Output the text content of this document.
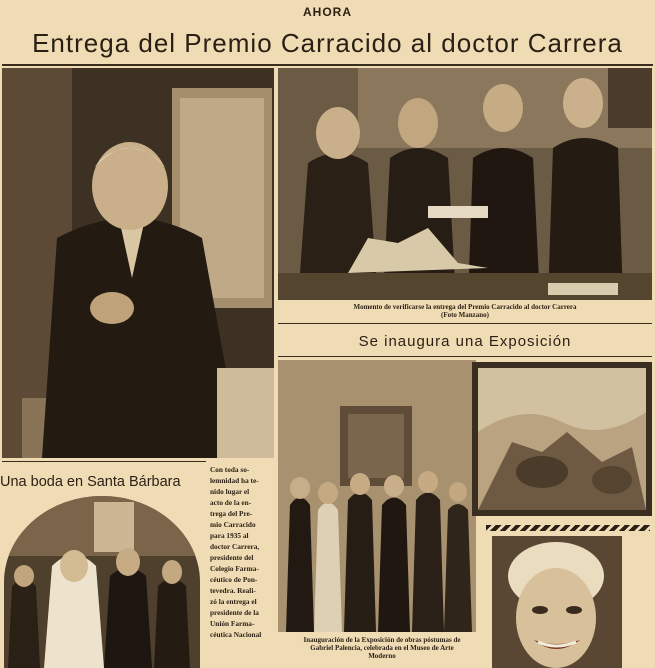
AHORA
Entrega del Premio Carracido al doctor Carrera
Momento de verificarse la entrega del Premio Carracido al doctor Carrera
(Foto Manzano)
Se inaugura una Exposición
Inauguración de la Exposición de obras póstumas de
Gabriel Palencia, celebrada en el Museo de Arte
Moderno
Una boda en Santa Bárbara
Con toda so-
lemnidad ha te-
nido lugar el
acto de la en-
trega del Pre-
mio Carracido
para 1935 al
doctor Carrera,
presidente del
Colegio Farma-
céutico de Pon-
tevedra. Reali-
zó la entrega el
presidente de la
Unión Farma-
céutica Nacional
